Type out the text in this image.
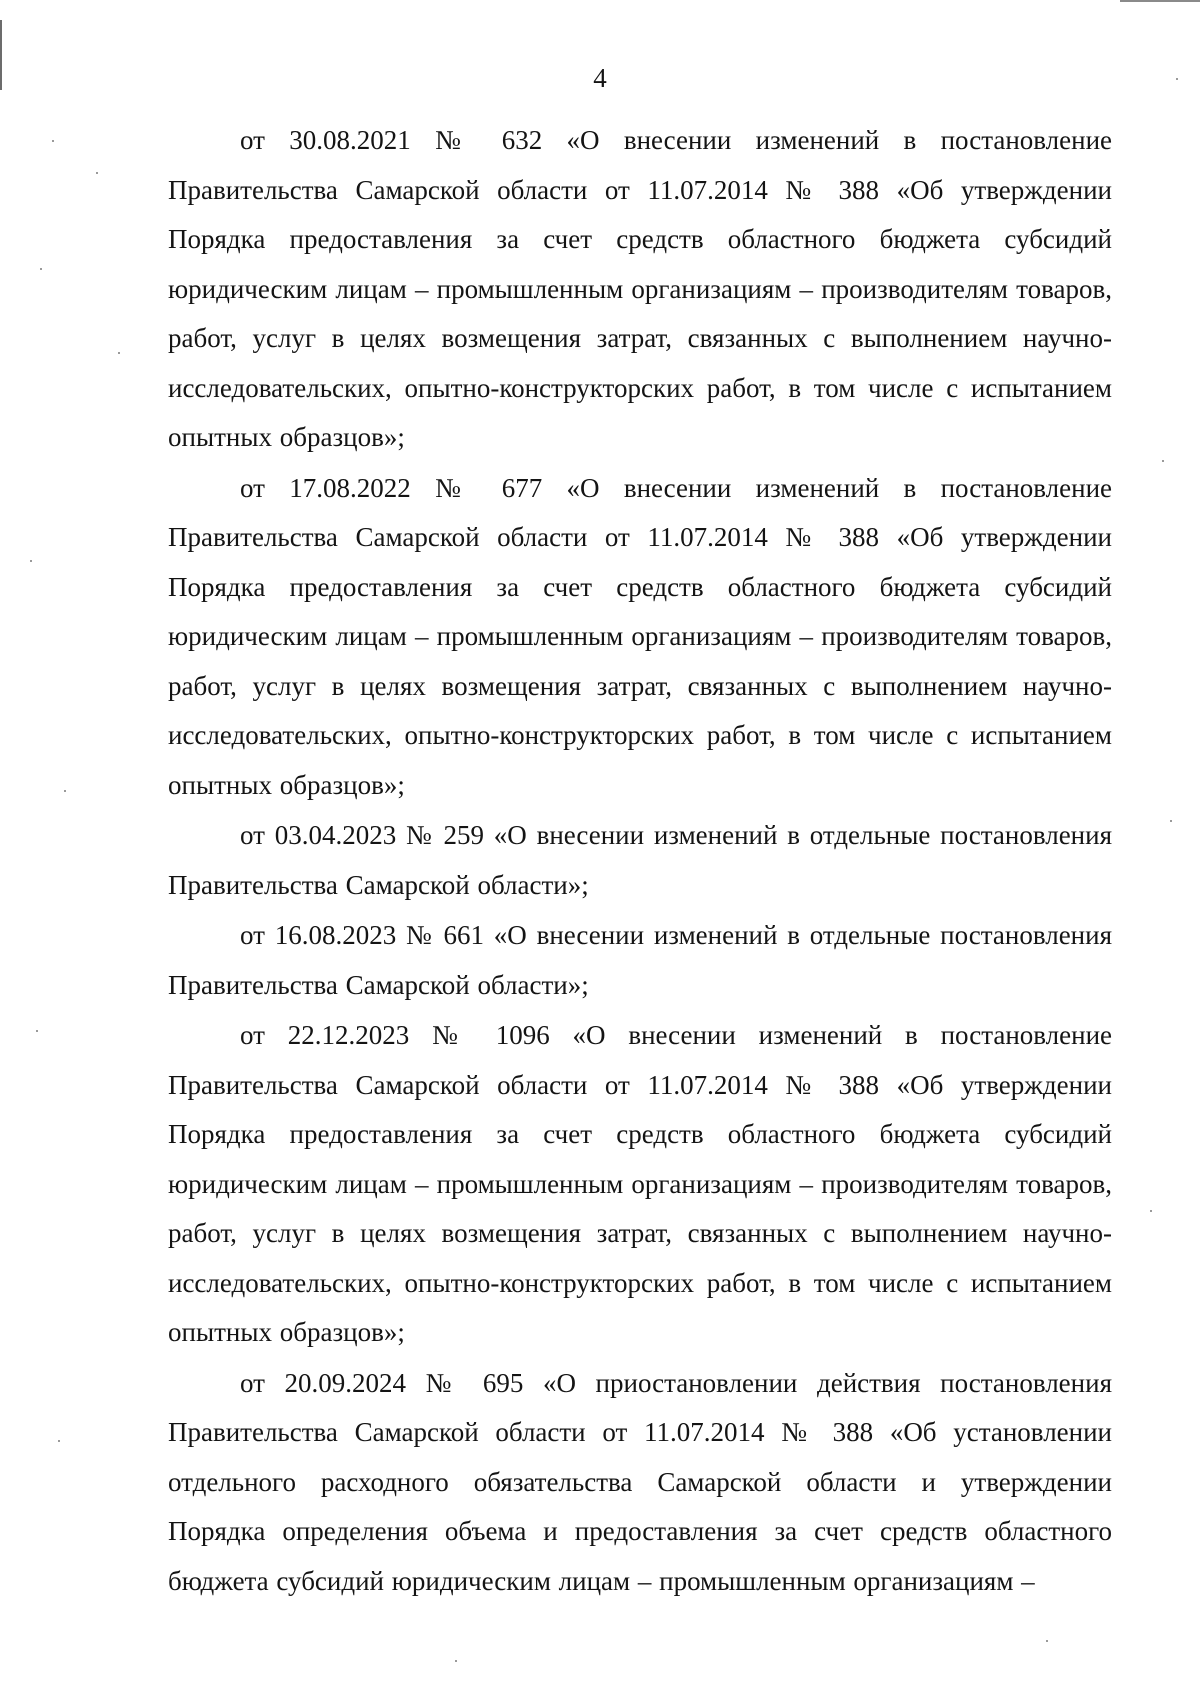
4

от 30.08.2021 № 632 «О внесении изменений в постановление Правительства Самарской области от 11.07.2014 № 388 «Об утверждении Порядка предоставления за счет средств областного бюджета субсидий юридическим лицам – промышленным организациям – производителям товаров, работ, услуг в целях возмещения затрат, связанных с выполнением научно-исследовательских, опытно-конструкторских работ, в том числе с испытанием опытных образцов»;

от 17.08.2022 № 677 «О внесении изменений в постановление Правительства Самарской области от 11.07.2014 № 388 «Об утверждении Порядка предоставления за счет средств областного бюджета субсидий юридическим лицам – промышленным организациям – производителям товаров, работ, услуг в целях возмещения затрат, связанных с выполнением научно-исследовательских, опытно-конструкторских работ, в том числе с испытанием опытных образцов»;

от 03.04.2023 № 259 «О внесении изменений в отдельные постановления Правительства Самарской области»;

от 16.08.2023 № 661 «О внесении изменений в отдельные постановления Правительства Самарской области»;

от 22.12.2023 № 1096 «О внесении изменений в постановление Правительства Самарской области от 11.07.2014 № 388 «Об утверждении Порядка предоставления за счет средств областного бюджета субсидий юридическим лицам – промышленным организациям – производителям товаров, работ, услуг в целях возмещения затрат, связанных с выполнением научно-исследовательских, опытно-конструкторских работ, в том числе с испытанием опытных образцов»;

от 20.09.2024 № 695 «О приостановлении действия постановления Правительства Самарской области от 11.07.2014 № 388 «Об установлении отдельного расходного обязательства Самарской области и утверждении Порядка определения объема и предоставления за счет средств областного бюджета субсидий юридическим лицам – промышленным организациям –
